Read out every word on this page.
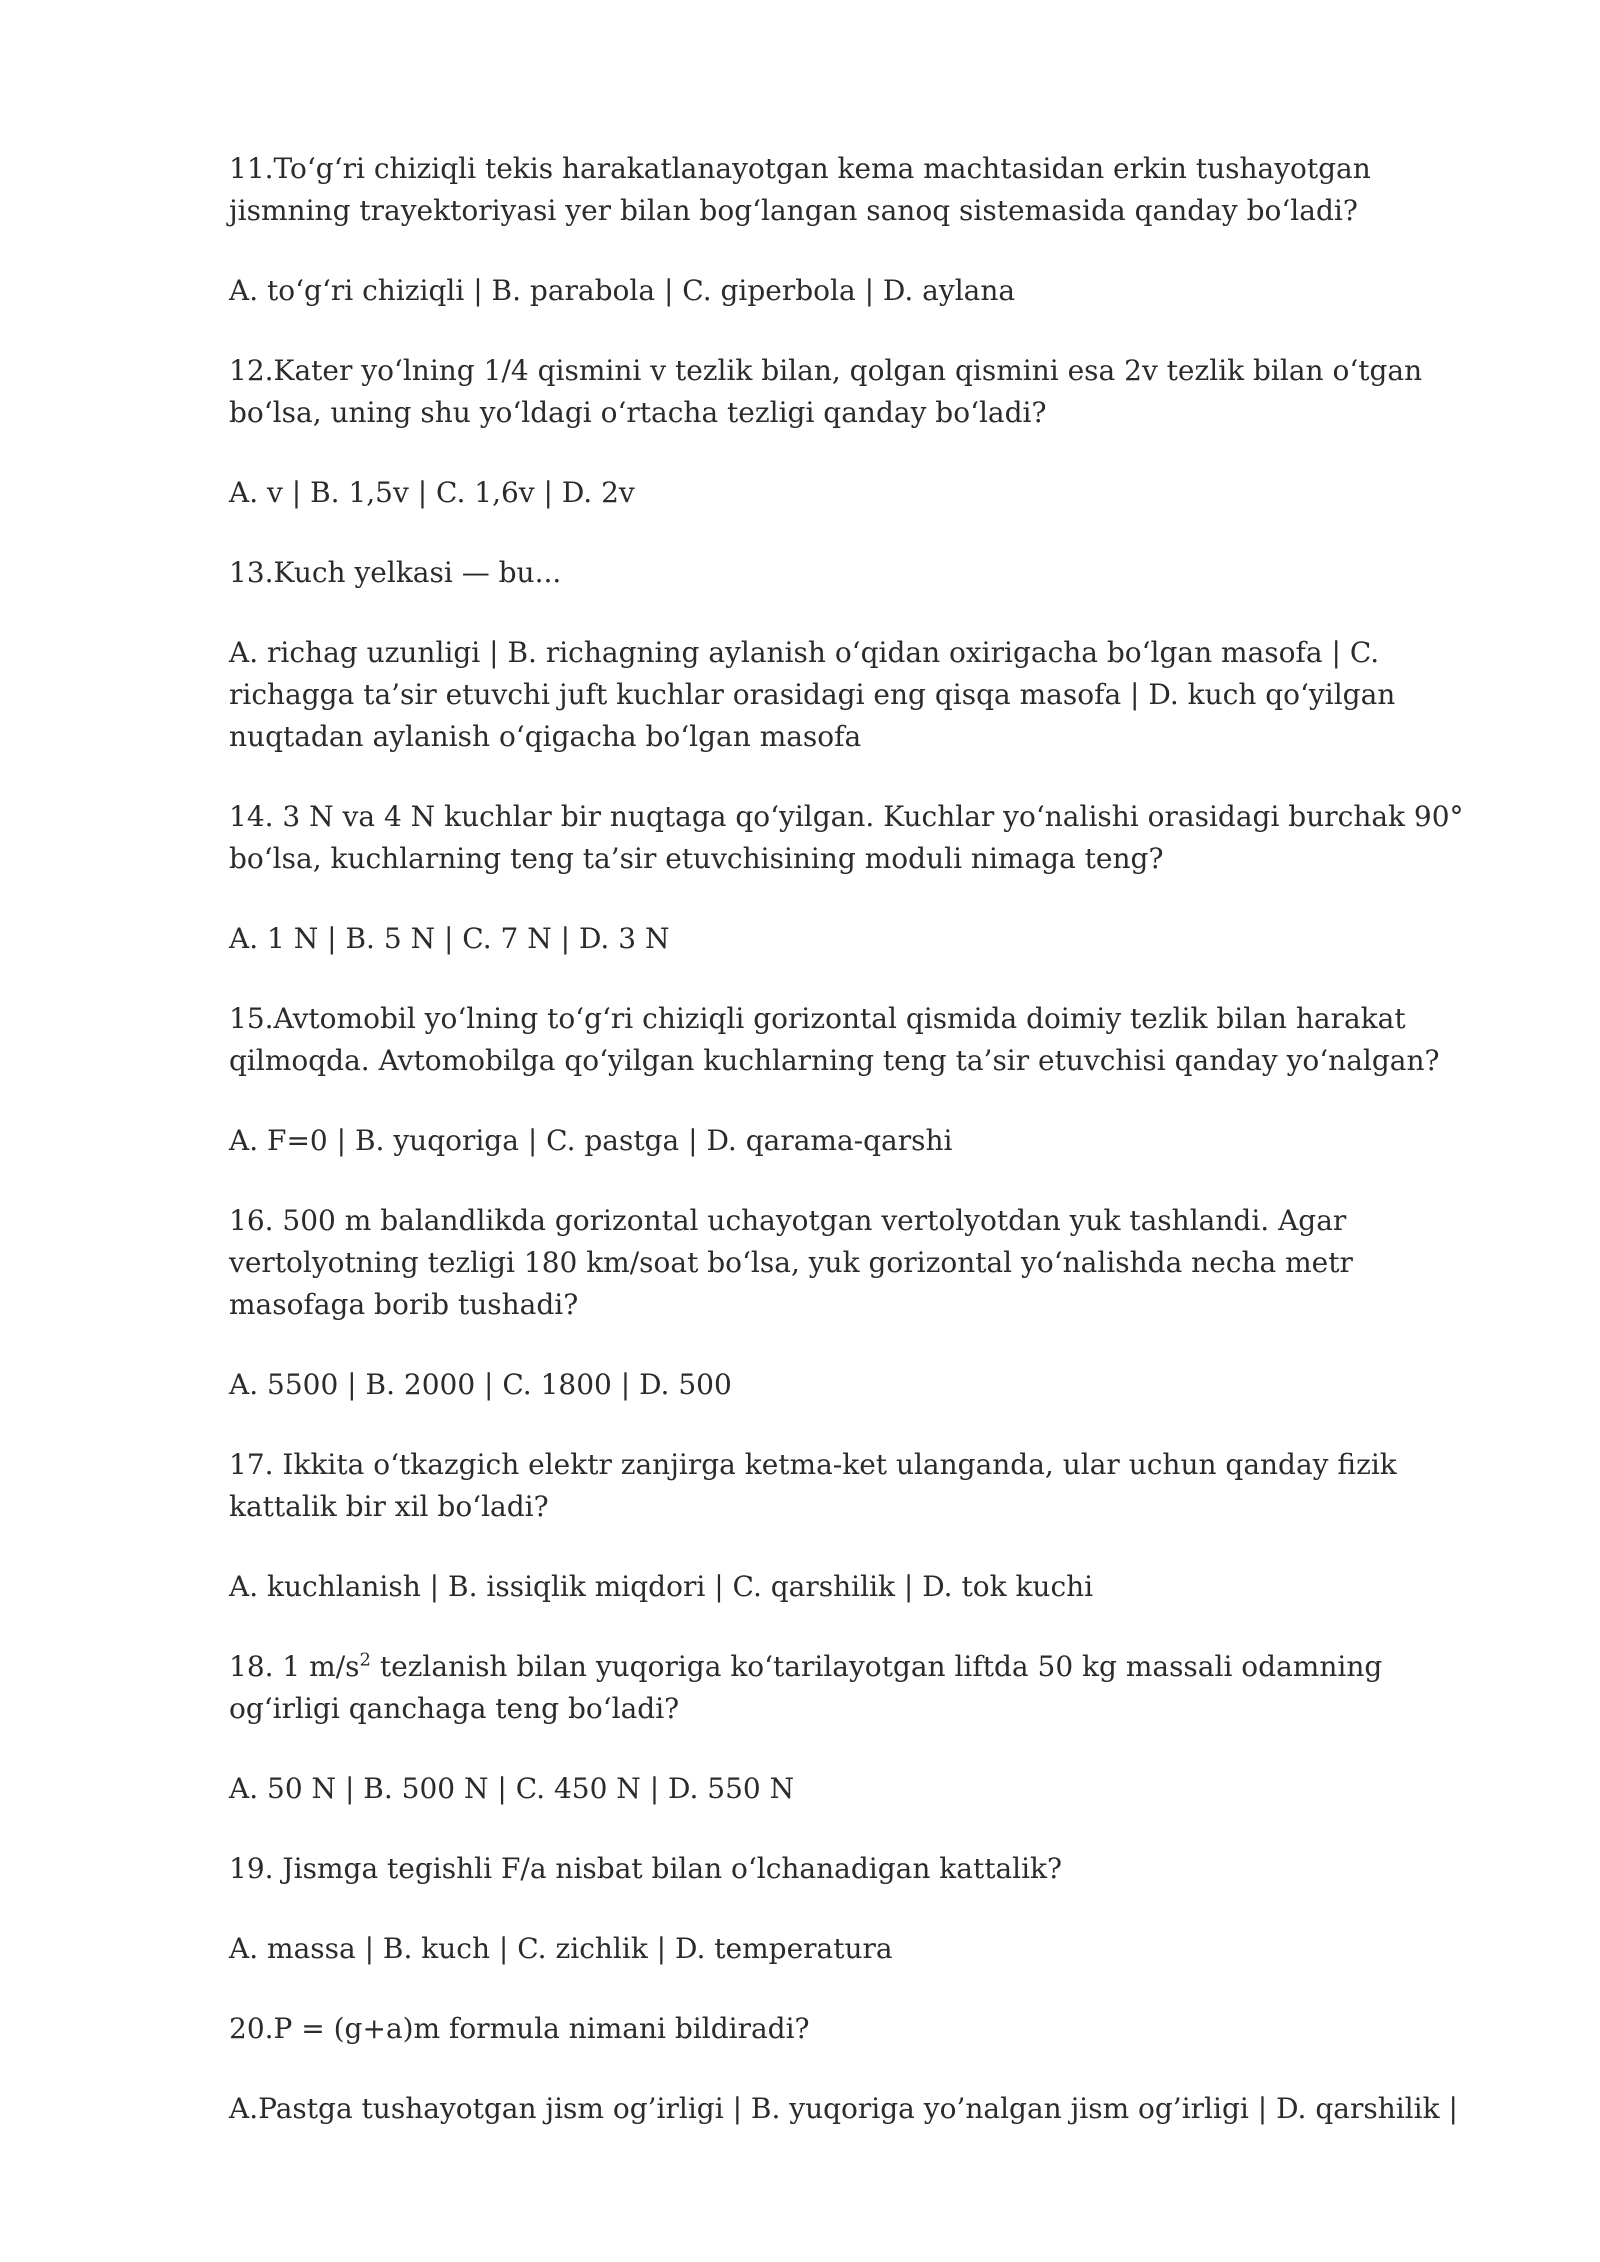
11.To‘g‘ri chiziqli tekis harakatlanayotgan kema machtasidan erkin tushayotgan jismning trayektoriyasi yer bilan bog‘langan sanoq sistemasida qanday bo‘ladi?

A. to‘g‘ri chiziqli | B. parabola | C. giperbola | D. aylana

12.Kater yo‘lning 1/4 qismini v tezlik bilan, qolgan qismini esa 2v tezlik bilan o‘tgan bo‘lsa, uning shu yo‘ldagi o‘rtacha tezligi qanday bo‘ladi?

A. v | B. 1,5v | C. 1,6v | D. 2v

13.Kuch yelkasi — bu...

A. richag uzunligi | B. richagning aylanish o‘qidan oxirigacha bo‘lgan masofa | C. richagga ta’sir etuvchi juft kuchlar orasidagi eng qisqa masofa | D. kuch qo‘yilgan nuqtadan aylanish o‘qigacha bo‘lgan masofa

14. 3 N va 4 N kuchlar bir nuqtaga qo‘yilgan. Kuchlar yo‘nalishi orasidagi burchak 90° bo‘lsa, kuchlarning teng ta’sir etuvchisining moduli nimaga teng?

A. 1 N | B. 5 N | C. 7 N | D. 3 N

15.Avtomobil yo‘lning to‘g‘ri chiziqli gorizontal qismida doimiy tezlik bilan harakat qilmoqda. Avtomobilga qo‘yilgan kuchlarning teng ta’sir etuvchisi qanday yo‘nalgan?

A. F=0 | B. yuqoriga | C. pastga | D. qarama-qarshi

16. 500 m balandlikda gorizontal uchayotgan vertolyotdan yuk tashlandi. Agar vertolyotning tezligi 180 km/soat bo‘lsa, yuk gorizontal yo‘nalishda necha metr masofaga borib tushadi?

A. 5500 | B. 2000 | C. 1800 | D. 500

17. Ikkita o‘tkazgich elektr zanjirga ketma-ket ulanganda, ular uchun qanday fizik kattalik bir xil bo‘ladi?

A. kuchlanish | B. issiqlik miqdori | C. qarshilik | D. tok kuchi

18. 1 $m/s^2$ tezlanish bilan yuqoriga ko‘tarilayotgan liftda 50 kg massali odamning og‘irligi qanchaga teng bo‘ladi?

A. 50 N | B. 500 N | C. 450 N | D. 550 N

19. Jismga tegishli F/a nisbat bilan o‘lchanadigan kattalik?

A. massa | B. kuch | C. zichlik | D. temperatura

20.P = (g+a)m formula nimani bildiradi?

A.Pastga tushayotgan jism og’irligi | B. yuqoriga yo’nalgan jism og’irligi | D. qarshilik |
